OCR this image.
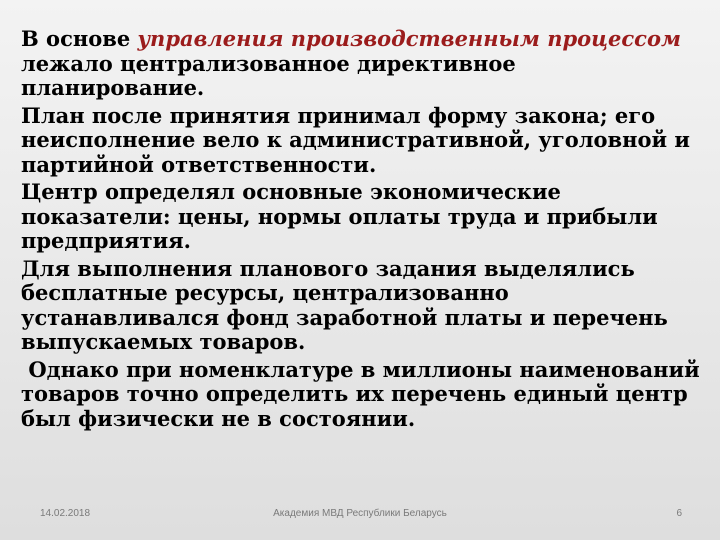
В основе управления производственным процессом лежало централизованное директивное планирование.

План после принятия принимал форму закона; его неисполнение вело к административной, уголовной и партийной ответственности.

Центр определял основные экономические показатели: цены, нормы оплаты труда и прибыли предприятия.

Для выполнения планового задания выделялись бесплатные ресурсы, централизованно устанавливался фонд заработной платы и перечень выпускаемых товаров.

Однако при номенклатуре в миллионы наименований товаров точно определить их перечень единый центр был физически не в состоянии.

14.02.2018	Академия МВД Республики Беларусь	6
